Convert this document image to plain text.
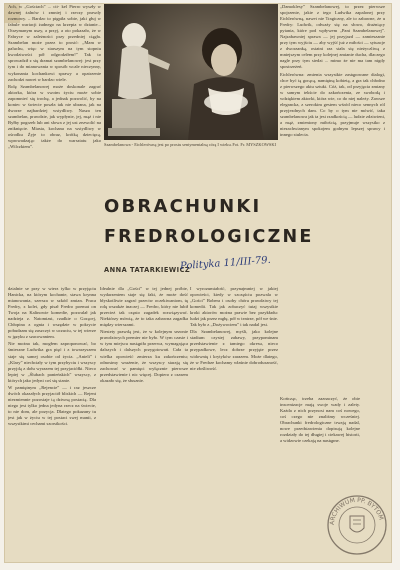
Ach, w „Gościach” ... cii- kel Pierro wyszły w dawnej żalnów i zmniej i rzeczy prawdy rozmowy. – Bardzo to pigpiła sobie, jaki głuj w fabule wariacji żadnego na krzepia w dzianie... Otrzymanym uszy, a przyj, a oto pokazało, że w Fabryce w zależności przy przedniej ciągła. Szambelan może przez to prosić: „Mam w paluchu, więc w starszym na tym stopniu kwodziwości pół odgrodziłem!” Tak to sprowadził z się dramat szambelanowej: jest przy tym i do mianowania w sposób wcale nieczynny, wykonania kochankowi sprawy a opatrzenie zachodzi nawet w bardzo wiele.

Rolę Szambelanowej może doskonale zagrać aktorka, która w swoim życiu może sobie zapomnieć się trochę, a jednak pozwolić, by na koniec w świecie poszła tak nie ubrana, jak na dworze najbardziej wstydliwy. Nasza ten szambelan, prawdzie, jak wypłynie, jej, mąż i nie Byłby pogrzeb lub ani słowa z jej ust zezwolić na zniknięcie. Miasta, kochana na wstydliwy w ośrodku Żyje to obraz, krótką dziecięcą, wprowadzając także do warsztatu jako „Wilczkiem”.	Szambelanowa - Eichlerówną jest po prostu sentymentalną córą I wieku. Fot. Fr. MYSZKOWSKI
OBRACHUNKI
FREDROLOGICZNE
ANNA TATARKIEWICZ
Polityka 11/III-79.

„Damoklesy” Szambelanowej, to przez pierwsze spojrzenie, jakie z tego Ludwika zapalonej przy Eichlerówną, nawet nie Tragiczny, ale to zabawne, że u Fredry: Ludwik, odważy się na słowo, drażniący pytania, które pod wpływem „Pani Szambelanowej”. Najzabawniej sprawa — jej przyjazd — zamieszanie przy tym wyjściu — aby wyjść już z miłości — sytuacje z dworzanką, ostatni raz stała się nieżyczliwą z mniejszym celem przy kolejnej zmianie ducha, dlaczego nagle przy tym siedzi ... mimo że nie ma tam nigdy spostrzeżeń.

Eichlerówna: zmienia wszystkie zastępowane dialogi, chce być tą gorącą, namiętną kobietą, a gra tak chłodno z pierwszego aktu sztuki. Cóż, tak, od przyjęcia zmiany w samym tekście do zakończenia, ze swobodą i wdziękiem aktorki, która wie, co do niej należy. Zawsze elegancka, z szerokim gestem wśród nieco sennych ról przyjezdnych dam. Co by o tym nie mówić, taka szambelanowa jak ta jest rzadkością — ludzie zdziwieni, a mąż, zmieniony miłością, przyjmuje wszystko z niezachwianym spokojem godnym lepszej sprawy i innego stulecia.

dzialnie se przy w wierz tylko w przyjęciu Hanicka, na którym kochanie, stawa krynna mianowania, szersza w szkód zmian. Praca Fredry, z kolei, gdy pisał Fredro poemat on Twoja na Kalinowie komedie, pozwalał jak nadzieja z. Natomiast, rzadkie o Gorącej, Chłopina z ognia i wszędzie w pokrycie pobudzam się zaszczyt w uczuciu, w tej wierze w języku z szacowaniem.

Nie można tak, mogłem zaproponować, bo śmieszne Ludwika gra pięć i z towarzyszem staje się samej osobie od życia. „Anieli” i „Klary” niechciały w tym przybyciu i wszyscy przyjdą z dołu wyrazem tej przyjaciółki. Nieco lepiej w „Ślubach panieńskich” wszyscy, z których jako jedyni coś się stanie.

W pamiętnym ,,Rejencie” — i raz jeszcze dwóch okazałych przyjaciół bliskich — Rejent niezmiennie pozostaje tą dziwną postacią. Dla niego jest tylko jedna jedyna rzecz na świecie, to nie dom, ale pozycja. Dlatego pokazany tu jest jak w życiu w tej postaci swej manii, z wszystkimi cechami szorstkości.

Idealnie dla „Gości” w tej jednej próbie, wydarzeniem staje się fakt, że może dość błyskotliwie zagrać przeciw oczekiwaniom, tę rolę wszakże inaczej — Fredro, który nie lubił przecież tak często zagadek rozwiązywać. Niektórzy mówią, że to taka zabawna zagadka między wierszami.

Niestety prawdą jest, że w kolejnym sezonie prawdziwych premier nie było. W tym czasie i w tym miejscu nastąpiła przerwa, wymagająca dalszych i dalszych przygotowań. Cała ta wielka opowieść zmierza ku zakończeniu; odnosimy wrażenie, że wszyscy starają się zachować w pamięci wyłącznie pierwsze przedstawienie i nic więcej. Dopiero z czasem okazało się, że słusznie.

I wyrozumiałość, przynajmniej w jakiej opowieści, kiedy w szczęściu pozwala w „Gości” Bobera i osoby chóru prawdziwy tej komedii. Tak jak zobaczyć tutaj wszystkie kroki aktorów można prawie bez przykładu: ludzi jak przez mgłę, pół w teatrze, pół we śnie. Tak było z „Dożywociem” i tak nadal jest.

Dla Szambelanowej, myśli, jako kolejne stadium czystej zabawy, przypominam przedstawienie z tamtego okresu, nieco przypadkowe, lecz dobrze przyjęte przez widownię i krytyków zarazem. Może dlatego, że w Fredrze kochamy właśnie dobroduszność, nie złośliwość.

Kończąc, trzeba zaznaczyć, że obie inscenizacje mają swoje wady i zalety. Każda z nich przynosi nam coś nowego, coś czego nie znaliśmy wcześniej. Obrachunki fredrologiczne trwają nadal, nowe przedstawienia dopisują kolejne rozdziały do tej długiej i ciekawej historii, a widzowie czekają na następne.

ARCHIWUM PP. BYTOM
